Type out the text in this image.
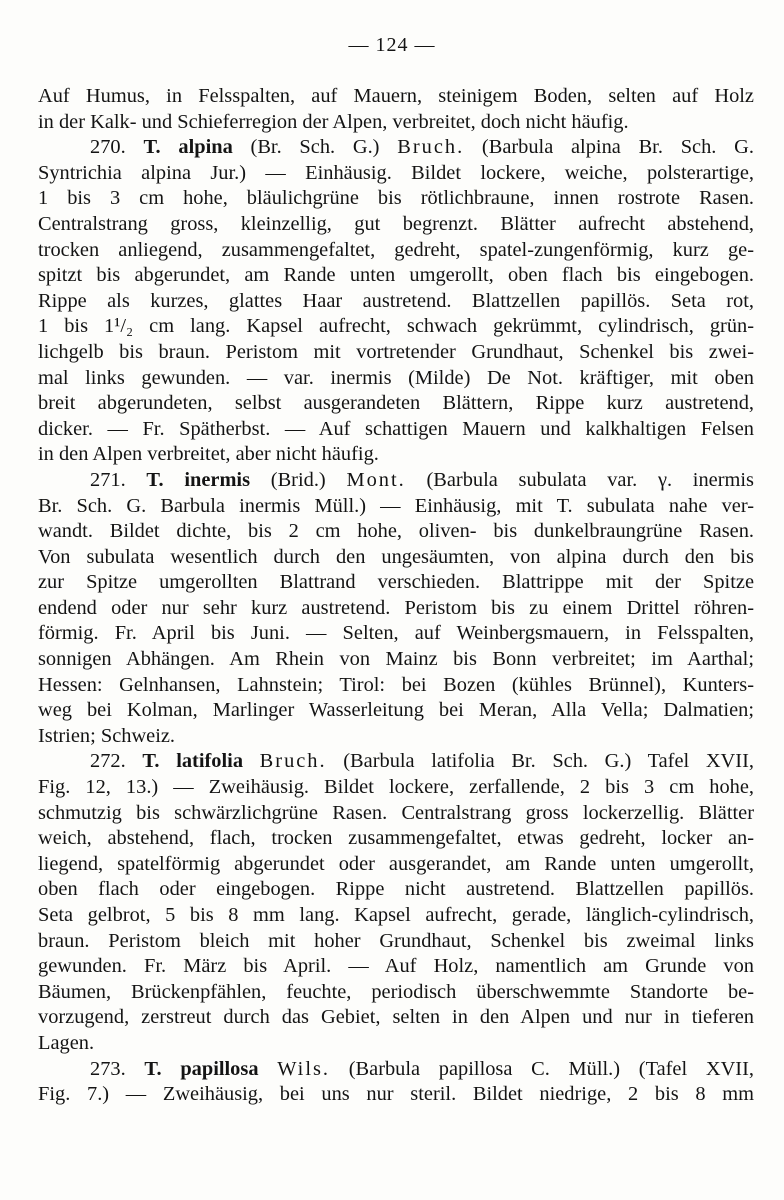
— 124 —
Auf Humus, in Felsspalten, auf Mauern, steinigem Boden, selten auf Holz
in der Kalk- und Schieferregion der Alpen, verbreitet, doch nicht häufig.
270. T. alpina (Br. Sch. G.) Bruch. (Barbula alpina Br. Sch. G.
Syntrichia alpina Jur.) — Einhäusig. Bildet lockere, weiche, polsterartige,
1 bis 3 cm hohe, bläulichgrüne bis rötlichbraune, innen rostrote Rasen.
Centralstrang gross, kleinzellig, gut begrenzt. Blätter aufrecht abstehend,
trocken anliegend, zusammengefaltet, gedreht, spatel-zungenförmig, kurz ge-
spitzt bis abgerundet, am Rande unten umgerollt, oben flach bis eingebogen.
Rippe als kurzes, glattes Haar austretend. Blattzellen papillös. Seta rot,
1 bis 1¹/₂ cm lang. Kapsel aufrecht, schwach gekrümmt, cylindrisch, grün-
lichgelb bis braun. Peristom mit vortretender Grundhaut, Schenkel bis zwei-
mal links gewunden. — var. inermis (Milde) De Not. kräftiger, mit oben
breit abgerundeten, selbst ausgerandeten Blättern, Rippe kurz austretend,
dicker. — Fr. Spätherbst. — Auf schattigen Mauern und kalkhaltigen Felsen
in den Alpen verbreitet, aber nicht häufig.
271. T. inermis (Brid.) Mont. (Barbula subulata var. γ. inermis
Br. Sch. G. Barbula inermis Müll.) — Einhäusig, mit T. subulata nahe ver-
wandt. Bildet dichte, bis 2 cm hohe, oliven- bis dunkelbraungrüne Rasen.
Von subulata wesentlich durch den ungesäumten, von alpina durch den bis
zur Spitze umgerollten Blattrand verschieden. Blattrippe mit der Spitze
endend oder nur sehr kurz austretend. Peristom bis zu einem Drittel röhren-
förmig. Fr. April bis Juni. — Selten, auf Weinbergsmauern, in Felsspalten,
sonnigen Abhängen. Am Rhein von Mainz bis Bonn verbreitet; im Aarthal;
Hessen: Gelnhansen, Lahnstein; Tirol: bei Bozen (kühles Brünnel), Kunters-
weg bei Kolman, Marlinger Wasserleitung bei Meran, Alla Vella; Dalmatien;
Istrien; Schweiz.
272. T. latifolia Bruch. (Barbula latifolia Br. Sch. G.) Tafel XVII,
Fig. 12, 13.) — Zweihäusig. Bildet lockere, zerfallende, 2 bis 3 cm hohe,
schmutzig bis schwärzlichgrüne Rasen. Centralstrang gross lockerzellig. Blätter
weich, abstehend, flach, trocken zusammengefaltet, etwas gedreht, locker an-
liegend, spatelförmig abgerundet oder ausgerandet, am Rande unten umgerollt,
oben flach oder eingebogen. Rippe nicht austretend. Blattzellen papillös.
Seta gelbrot, 5 bis 8 mm lang. Kapsel aufrecht, gerade, länglich-cylindrisch,
braun. Peristom bleich mit hoher Grundhaut, Schenkel bis zweimal links
gewunden. Fr. März bis April. — Auf Holz, namentlich am Grunde von
Bäumen, Brückenpfählen, feuchte, periodisch überschwemmte Standorte be-
vorzugend, zerstreut durch das Gebiet, selten in den Alpen und nur in tieferen
Lagen.
273. T. papillosa Wils. (Barbula papillosa C. Müll.) (Tafel XVII,
Fig. 7.) — Zweihäusig, bei uns nur steril. Bildet niedrige, 2 bis 8 mm
